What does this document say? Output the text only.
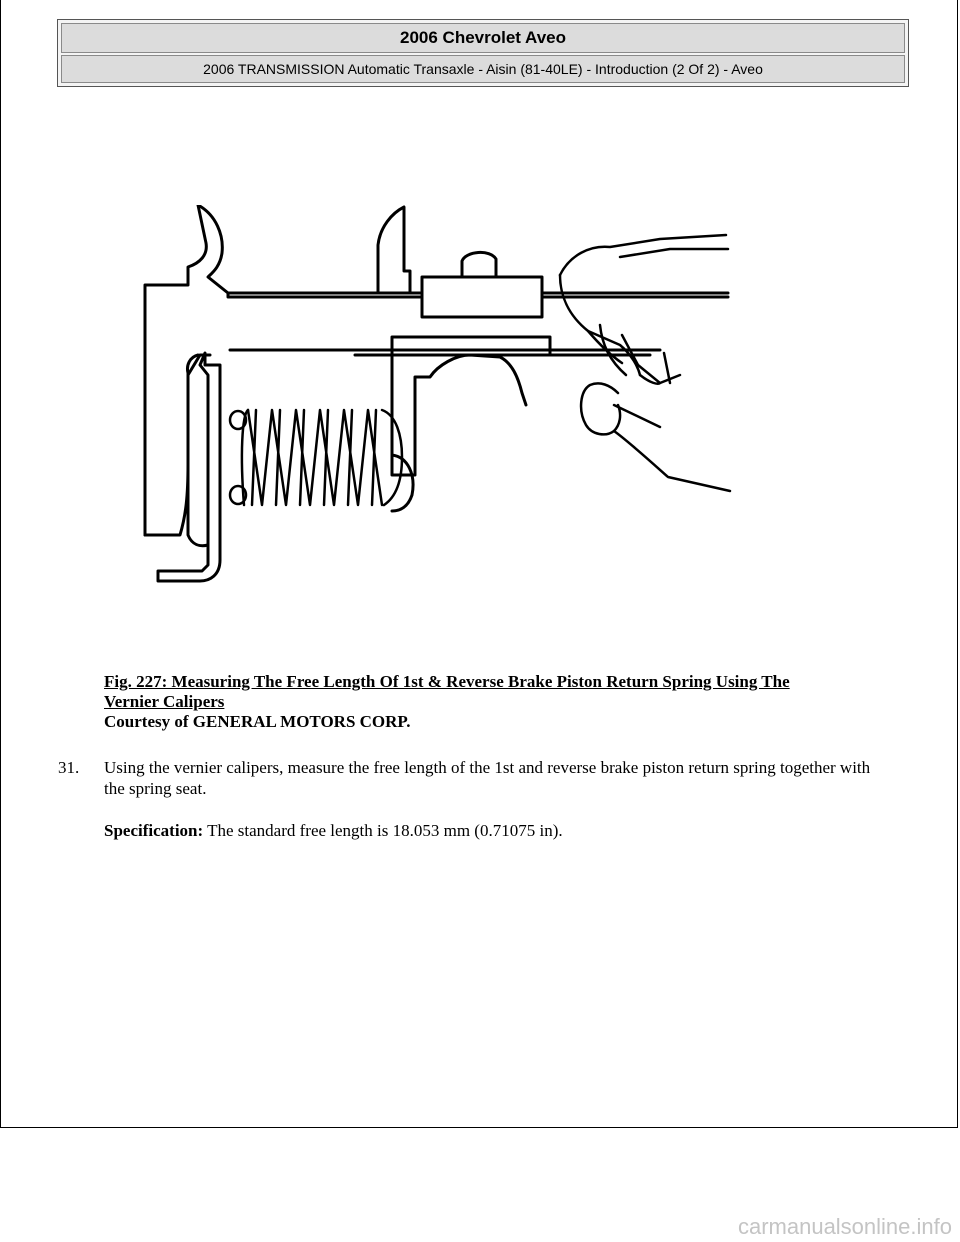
2006 Chevrolet Aveo
2006 TRANSMISSION Automatic Transaxle - Aisin (81-40LE) - Introduction (2 Of 2) - Aveo
Fig. 227: Measuring The Free Length Of 1st & Reverse Brake Piston Return Spring Using The
Vernier Calipers
Courtesy of GENERAL MOTORS CORP.
31.	Using the vernier calipers, measure the free length of the 1st and reverse brake piston return spring together with the spring seat.
Specification: The standard free length is 18.053 mm (0.71075 in).
carmanualsonline.info
